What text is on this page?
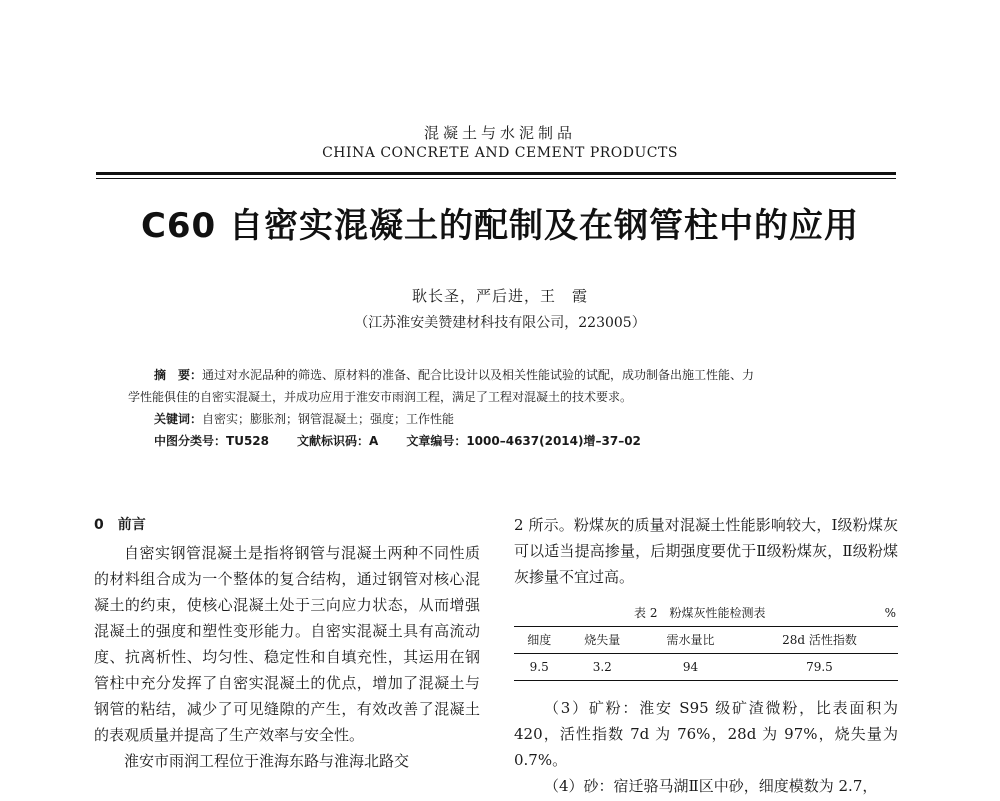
混凝土与水泥制品
CHINA CONCRETE AND CEMENT PRODUCTS
C60 自密实混凝土的配制及在钢管柱中的应用
耿长圣，严后进，王　霞
（江苏淮安美赞建材科技有限公司，223005）
摘　要：通过对水泥品种的筛选、原材料的准备、配合比设计以及相关性能试验的试配，成功制备出施工性能、力
学性能俱佳的自密实混凝土，并成功应用于淮安市雨润工程，满足了工程对混凝土的技术要求。
关键词：自密实；膨胀剂；钢管混凝土；强度；工作性能
中图分类号：TU528 文献标识码：A 文章编号：1000–4637(2014)增–37–02
0　前言

自密实钢管混凝土是指将钢管与混凝土两种不同性质的材料组合成为一个整体的复合结构，通过钢管对核心混凝土的约束，使核心混凝土处于三向应力状态，从而增强混凝土的强度和塑性变形能力。自密实混凝土具有高流动度、抗离析性、均匀性、稳定性和自填充性，其运用在钢管柱中充分发挥了自密实混凝土的优点，增加了混凝土与钢管的粘结，减少了可见缝隙的产生，有效改善了混凝土的表观质量并提高了生产效率与安全性。

淮安市雨润工程位于淮海东路与淮海北路交

2 所示。粉煤灰的质量对混凝土性能影响较大，Ⅰ级粉煤灰可以适当提高掺量，后期强度要优于Ⅱ级粉煤灰，Ⅱ级粉煤灰掺量不宜过高。

表 2　粉煤灰性能检测表	%
细度	烧失量	需水量比	28d 活性指数
9.5	3.2	94	79.5

（3）矿粉：淮安 S95 级矿渣微粉，比表面积为 420，活性指数 7d 为 76%，28d 为 97%，烧失量为 0.7%。

（4）砂：宿迁骆马湖Ⅱ区中砂，细度模数为 2.7，
